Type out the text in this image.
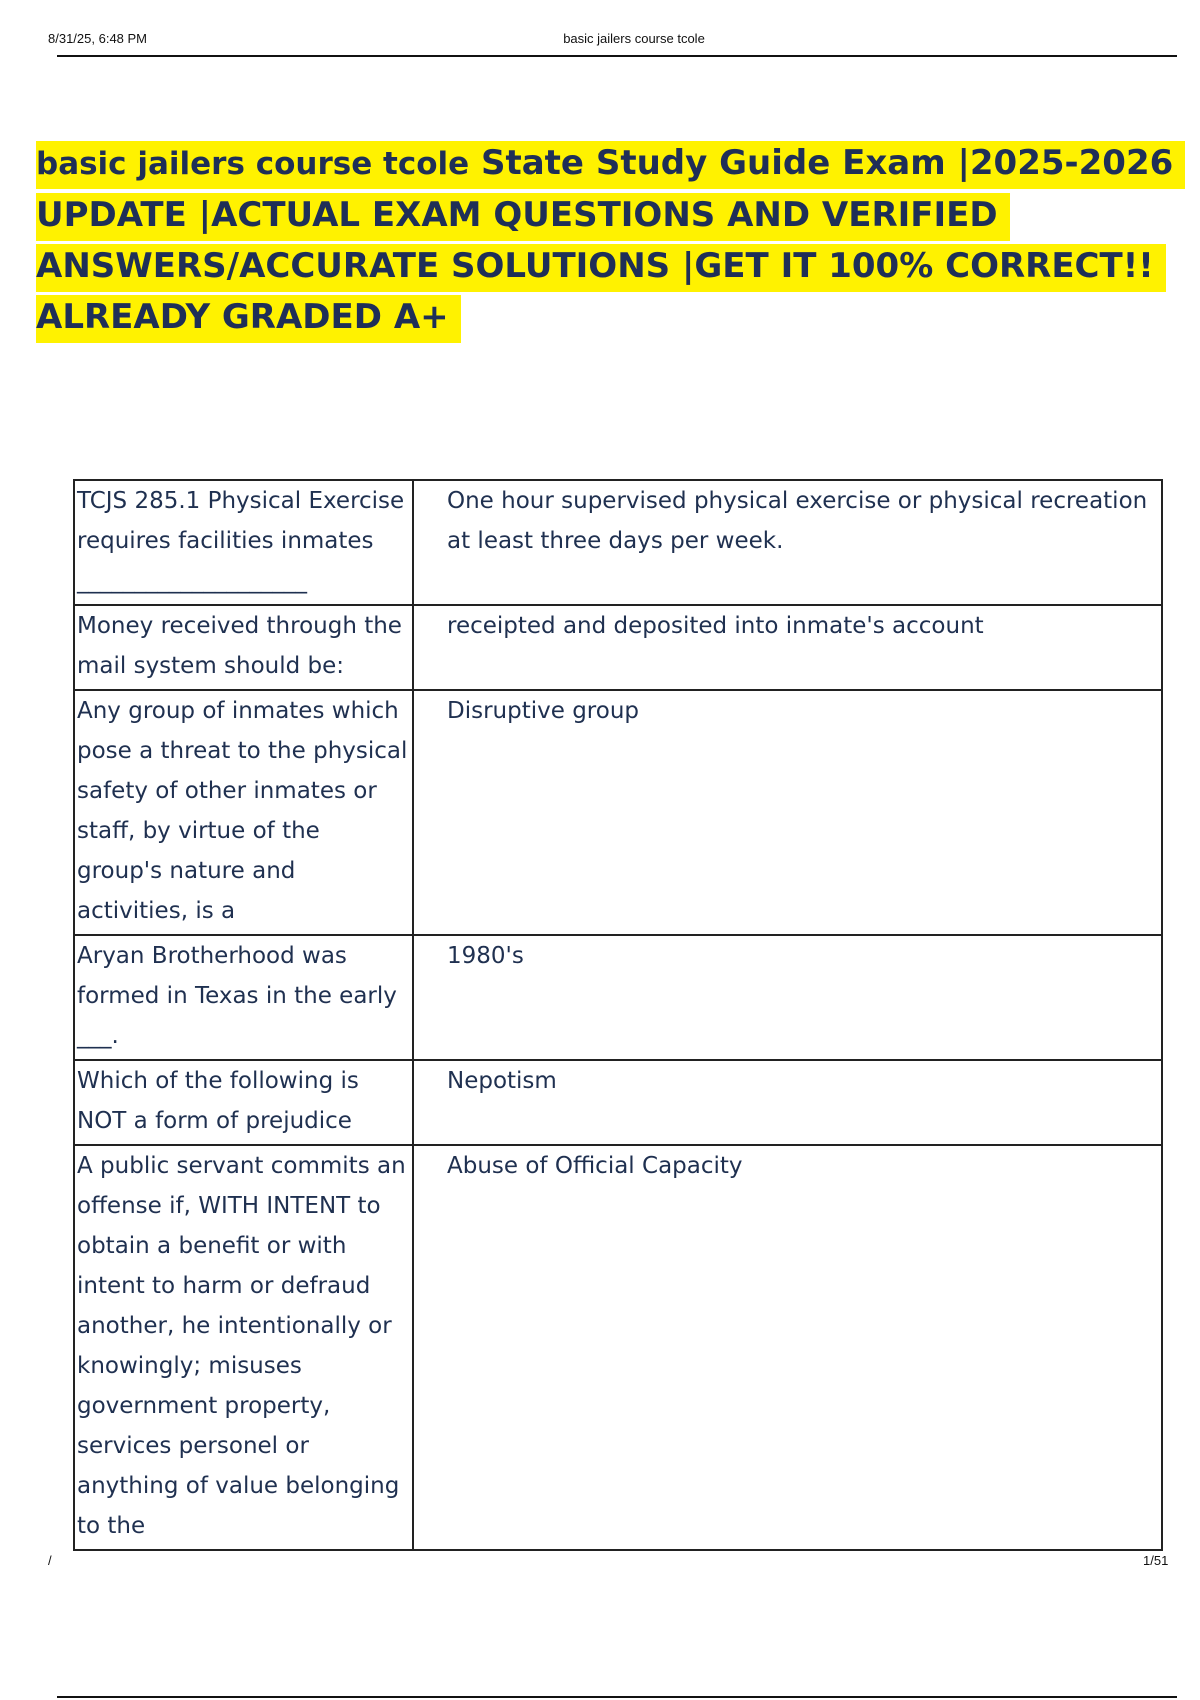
8/31/25, 6:48 PM	basic jailers course tcole
basic jailers course tcole State Study Guide Exam |2025-2026 UPDATE |ACTUAL EXAM QUESTIONS AND VERIFIED ANSWERS/ACCURATE SOLUTIONS |GET IT 100% CORRECT!! ALREADY GRADED A+
TCJS 285.1 Physical Exercise requires facilities inmates ____________________	One hour supervised physical exercise or physical recreation at least three days per week.
Money received through the mail system should be:	receipted and deposited into inmate's account
Any group of inmates which pose a threat to the physical safety of other inmates or staff, by virtue of the group's nature and activities, is a	Disruptive group
Aryan Brotherhood was formed in Texas in the early ___.	1980's
Which of the following is NOT a form of prejudice	Nepotism
A public servant commits an offense if, WITH INTENT to obtain a benefit or with intent to harm or defraud another, he intentionally or knowingly; misuses government property, services personel or anything of value belonging to the	Abuse of Official Capacity
/	1/51
